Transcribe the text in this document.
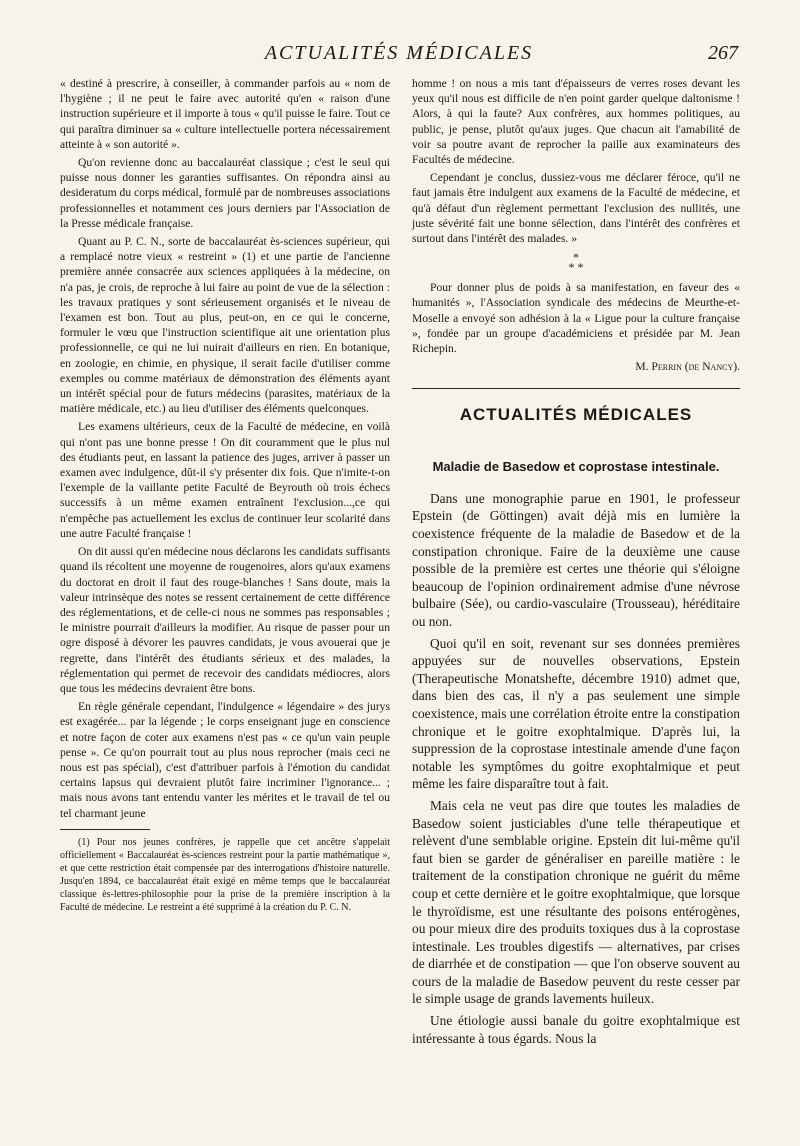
ACTUALITÉS MÉDICALES	267

« destiné à prescrire, à conseiller, à commander parfois au « nom de l'hygiène ; il ne peut le faire avec autorité qu'en « raison d'une instruction supérieure et il importe à tous « qu'il puisse le faire. Tout ce qui paraîtra diminuer sa « culture intellectuelle portera nécessairement atteinte à « son autorité ».

Qu'on revienne donc au baccalauréat classique ; c'est le seul qui puisse nous donner les garanties suffisantes. On répondra ainsi au desideratum du corps médical, formulé par de nombreuses associations professionnelles et notamment ces jours derniers par l'Association de la Presse médicale française.

Quant au P. C. N., sorte de baccalauréat ès-sciences supérieur, qui a remplacé notre vieux « restreint » (1) et une partie de l'ancienne première année consacrée aux sciences appliquées à la médecine, on n'a pas, je crois, de reproche à lui faire au point de vue de la sélection : les travaux pratiques y sont sérieusement organisés et le niveau de l'examen est bon. Tout au plus, peut-on, en ce qui le concerne, formuler le vœu que l'instruction scientifique ait une orientation plus professionnelle, ce qui ne lui nuirait d'ailleurs en rien. En botanique, en zoologie, en chimie, en physique, il serait facile d'utiliser comme exemples ou comme matériaux de démonstration des éléments ayant un intérêt spécial pour de futurs médecins (parasites, matériaux de la matière médicale, etc.) au lieu d'utiliser des éléments quelconques.

Les examens ultérieurs, ceux de la Faculté de médecine, en voilà qui n'ont pas une bonne presse ! On dit couramment que le plus nul des étudiants peut, en lassant la patience des juges, arriver à passer un examen avec indulgence, dût-il s'y présenter dix fois. Que n'imite-t-on l'exemple de la vaillante petite Faculté de Beyrouth où trois échecs successifs à un même examen entraînent l'exclusion...,ce qui n'empêche pas actuellement les exclus de continuer leur scolarité dans une autre Faculté française !

On dit aussi qu'en médecine nous déclarons les candidats suffisants quand ils récoltent une moyenne de rougenoires, alors qu'aux examens du doctorat en droit il faut des rouge-blanches ! Sans doute, mais la valeur intrinsèque des notes se ressent certainement de cette différence des réglementations, et de celle-ci nous ne sommes pas responsables ; le ministre pourrait d'ailleurs la modifier. Au risque de passer pour un ogre disposé à dévorer les pauvres candidats, je vous avouerai que je regrette, dans l'intérêt des étudiants sérieux et des malades, la réglementation qui permet de recevoir des candidats médiocres, alors que tous les médecins devraient être bons.

En règle générale cependant, l'indulgence « légendaire » des jurys est exagérée... par la légende ; le corps enseignant juge en conscience et notre façon de coter aux examens n'est pas « ce qu'un vain peuple pense ». Ce qu'on pourrait tout au plus nous reprocher (mais ceci ne nous est pas spécial), c'est d'attribuer parfois à l'émotion du candidat certains lapsus qui devraient plutôt faire incriminer l'ignorance... ; mais nous avons tant entendu vanter les mérites et le travail de tel ou tel charmant jeune

(1) Pour nos jeunes confrères, je rappelle que cet ancêtre s'appelait officiellement « Baccalauréat ès-sciences restreint pour la partie mathématique », et que cette restriction était compensée par des interrogations d'histoire naturelle. Jusqu'en 1894, ce baccalauréat était exigé en même temps que le baccalauréat classique ès-lettres-philosophie pour la prise de la première inscription à la Faculté de médecine. Le restreint a été supprimé à la création du P. C. N.

homme ! on nous a mis tant d'épaisseurs de verres roses devant les yeux qu'il nous est difficile de n'en point garder quelque daltonisme ! Alors, à qui la faute? Aux confrères, aux hommes politiques, au public, je pense, plutôt qu'aux juges. Que chacun ait l'amabilité de voir sa poutre avant de reprocher la paille aux examinateurs des Facultés de médecine.

Cependant je conclus, dussiez-vous me déclarer féroce, qu'il ne faut jamais être indulgent aux examens de la Faculté de médecine, et qu'à défaut d'un règlement permettant l'exclusion des nullités, une juste sévérité fait une bonne sélection, dans l'intérêt des confrères et surtout dans l'intérêt des malades. »

*
* *

Pour donner plus de poids à sa manifestation, en faveur des « humanités », l'Association syndicale des médecins de Meurthe-et-Moselle a envoyé son adhésion à la « Ligue pour la culture française », fondée par un groupe d'académiciens et présidée par M. Jean Richepin.

M. Perrin (de Nancy).

ACTUALITÉS MÉDICALES
Maladie de Basedow et coprostase intestinale.

Dans une monographie parue en 1901, le professeur Epstein (de Göttingen) avait déjà mis en lumière la coexistence fréquente de la maladie de Basedow et de la constipation chronique. Faire de la deuxième une cause possible de la première est certes une théorie qui s'éloigne beaucoup de l'opinion ordinairement admise d'une névrose bulbaire (Sée), ou cardio-vasculaire (Trousseau), héréditaire ou non.

Quoi qu'il en soit, revenant sur ses données premières appuyées sur de nouvelles observations, Epstein (Therapeutische Monatshefte, décembre 1910) admet que, dans bien des cas, il n'y a pas seulement une simple coexistence, mais une corrélation étroite entre la constipation chronique et le goitre exophtalmique. D'après lui, la suppression de la coprostase intestinale amende d'une façon notable les symptômes du goitre exophtalmique et peut même les faire disparaître tout à fait.

Mais cela ne veut pas dire que toutes les maladies de Basedow soient justiciables d'une telle thérapeutique et relèvent d'une semblable origine. Epstein dit lui-même qu'il faut bien se garder de généraliser en pareille matière : le traitement de la constipation chronique ne guérit du même coup et cette dernière et le goitre exophtalmique, que lorsque le thyroïdisme, est une résultante des poisons entérogènes, ou pour mieux dire des produits toxiques dus à la coprostase intestinale. Les troubles digestifs — alternatives, par crises de diarrhée et de constipation — que l'on observe souvent au cours de la maladie de Basedow peuvent du reste cesser par le simple usage de grands lavements huileux.

Une étiologie aussi banale du goitre exophtalmique est intéressante à tous égards. Nous la
